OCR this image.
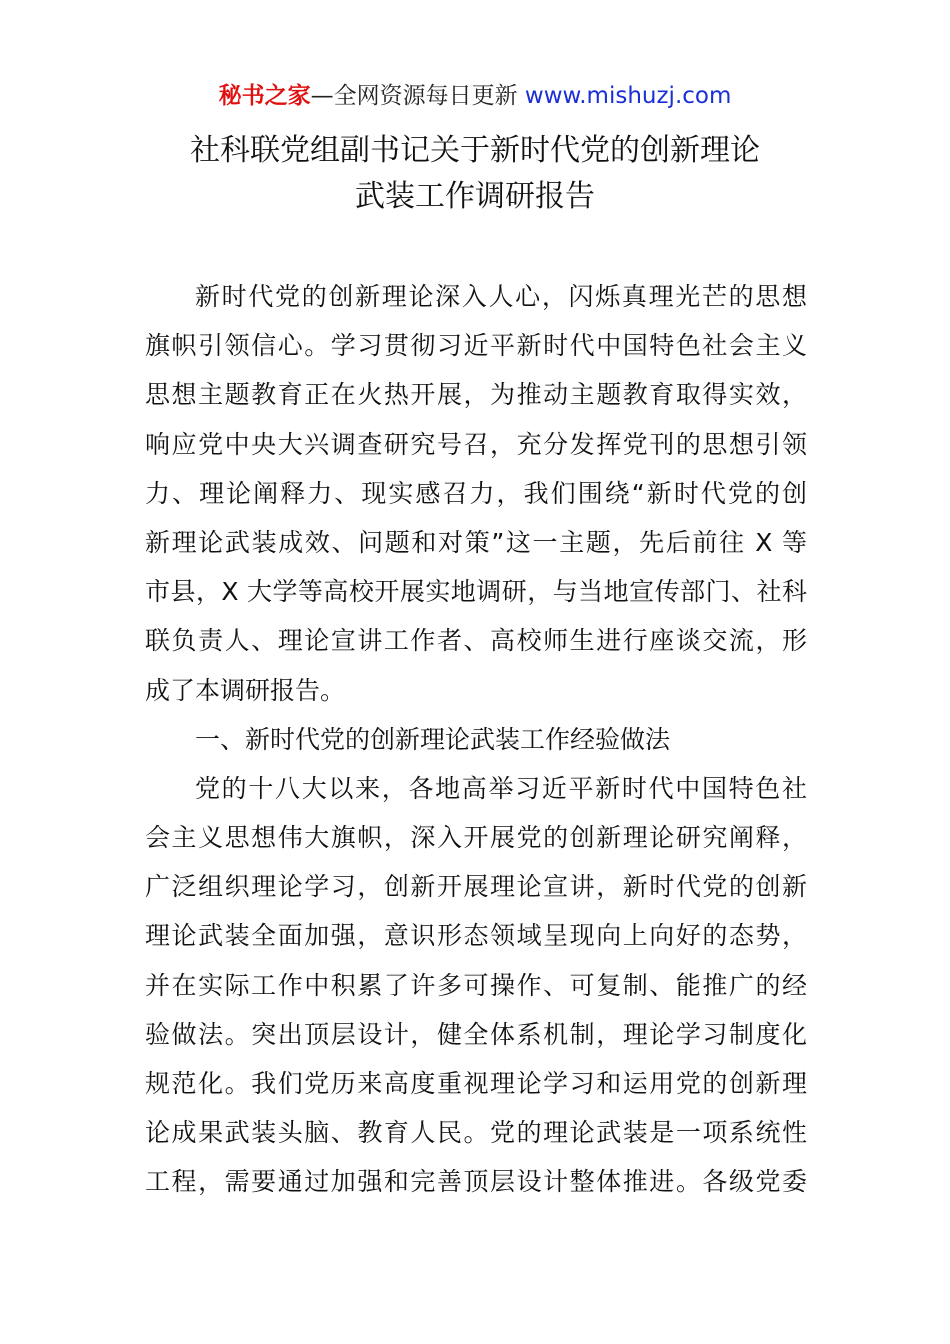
秘书之家—全网资源每日更新 www.mishuzj.com
社科联党组副书记关于新时代党的创新理论
武装工作调研报告
新时代党的创新理论深入人心，闪烁真理光芒的思想
旗帜引领信心。学习贯彻习近平新时代中国特色社会主义
思想主题教育正在火热开展，为推动主题教育取得实效，
响应党中央大兴调查研究号召，充分发挥党刊的思想引领
力、理论阐释力、现实感召力，我们围绕“新时代党的创
新理论武装成效、问题和对策”这一主题，先后前往 X 等
市县，X 大学等高校开展实地调研，与当地宣传部门、社科
联负责人、理论宣讲工作者、高校师生进行座谈交流，形
成了本调研报告。
一、新时代党的创新理论武装工作经验做法
党的十八大以来，各地高举习近平新时代中国特色社
会主义思想伟大旗帜，深入开展党的创新理论研究阐释，
广泛组织理论学习，创新开展理论宣讲，新时代党的创新
理论武装全面加强，意识形态领域呈现向上向好的态势，
并在实际工作中积累了许多可操作、可复制、能推广的经
验做法。突出顶层设计，健全体系机制，理论学习制度化
规范化。我们党历来高度重视理论学习和运用党的创新理
论成果武装头脑、教育人民。党的理论武装是一项系统性
工程，需要通过加强和完善顶层设计整体推进。各级党委
